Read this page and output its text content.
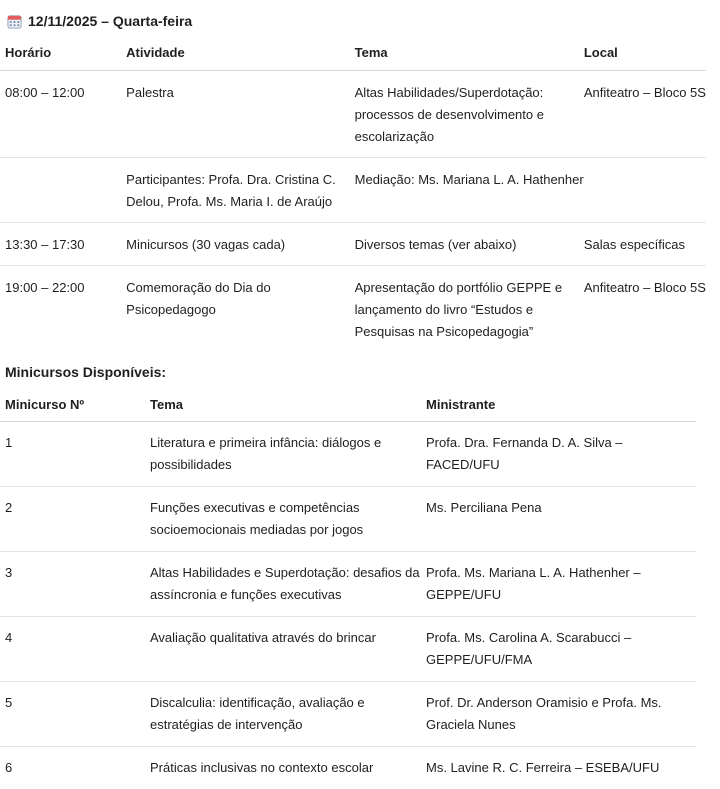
12/11/2025 – Quarta-feira
Horário	Atividade	Tema	Local
08:00 – 12:00	Palestra	Altas Habilidades/Superdotação: processos de desenvolvimento e escolarização	Anfiteatro – Bloco 5S
	Participantes: Profa. Dra. Cristina C. Delou, Profa. Ms. Maria I. de Araújo	Mediação: Ms. Mariana L. A. Hathenher	
13:30 – 17:30	Minicursos (30 vagas cada)	Diversos temas (ver abaixo)	Salas específicas
19:00 – 22:00	Comemoração do Dia do Psicopedagogo	Apresentação do portfólio GEPPE e lançamento do livro “Estudos e Pesquisas na Psicopedagogia”	Anfiteatro – Bloco 5S
Minicursos Disponíveis:
Minicurso Nº	Tema	Ministrante
1	Literatura e primeira infância: diálogos e possibilidades	Profa. Dra. Fernanda D. A. Silva – FACED/UFU
2	Funções executivas e competências socioemocionais mediadas por jogos	Ms. Perciliana Pena
3	Altas Habilidades e Superdotação: desafios da assíncronia e funções executivas	Profa. Ms. Mariana L. A. Hathenher – GEPPE/UFU
4	Avaliação qualitativa através do brincar	Profa. Ms. Carolina A. Scarabucci – GEPPE/UFU/FMA
5	Discalculia: identificação, avaliação e estratégias de intervenção	Prof. Dr. Anderson Oramisio e Profa. Ms. Graciela Nunes
6	Práticas inclusivas no contexto escolar	Ms. Lavine R. C. Ferreira – ESEBA/UFU
